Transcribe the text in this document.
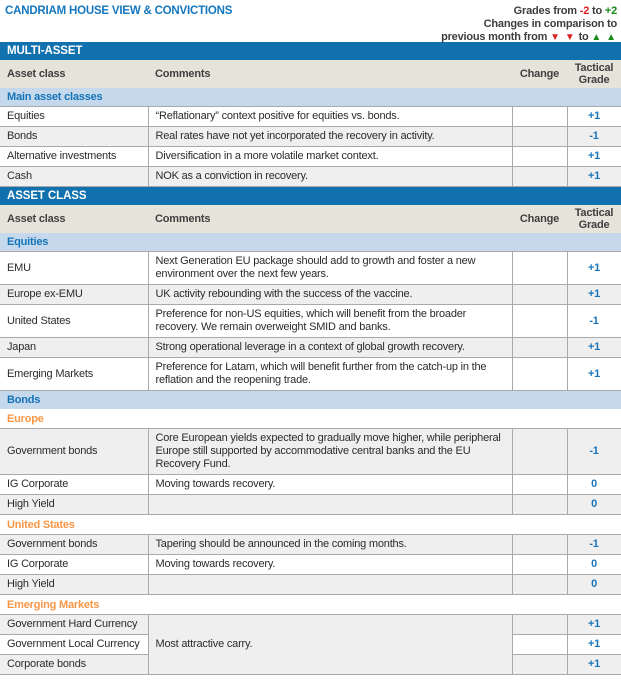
CANDRIAM HOUSE VIEW & CONVICTIONS	Grades from -2 to +2
Changes in comparison to
previous month from ▼ ▼ to ▲ ▲
MULTI-ASSET			
Asset class	Comments	Change	Tactical Grade
Main asset classes			
Equities	“Reflationary” context positive for equities vs. bonds.		+1
Bonds	Real rates have not yet incorporated the recovery in activity.		-1
Alternative investments	Diversification in a more volatile market context.		+1
Cash	NOK as a conviction in recovery.		+1
ASSET CLASS			
Asset class	Comments	Change	Tactical Grade
Equities			
EMU	Next Generation EU package should add to growth and foster a new environment over the next few years.		+1
Europe ex-EMU	UK activity rebounding with the success of the vaccine.		+1
United States	Preference for non-US equities, which will benefit from the broader recovery. We remain overweight SMID and banks.		-1
Japan	Strong operational leverage in a context of global growth recovery.		+1
Emerging Markets	Preference for Latam, which will benefit further from the catch-up in the reflation and the reopening trade.		+1
Bonds			
Europe			
Government bonds	Core European yields expected to gradually move higher, while peripheral Europe still supported by accommodative central banks and the EU Recovery Fund.		-1
IG Corporate	Moving towards recovery.		0
High Yield			0
United States			
Government bonds	Tapering should be announced in the coming months.		-1
IG Corporate	Moving towards recovery.		0
High Yield			0
Emerging Markets			
Government Hard Currency	Most attractive carry.		+1
Government Local Currency			+1
Corporate bonds			+1
